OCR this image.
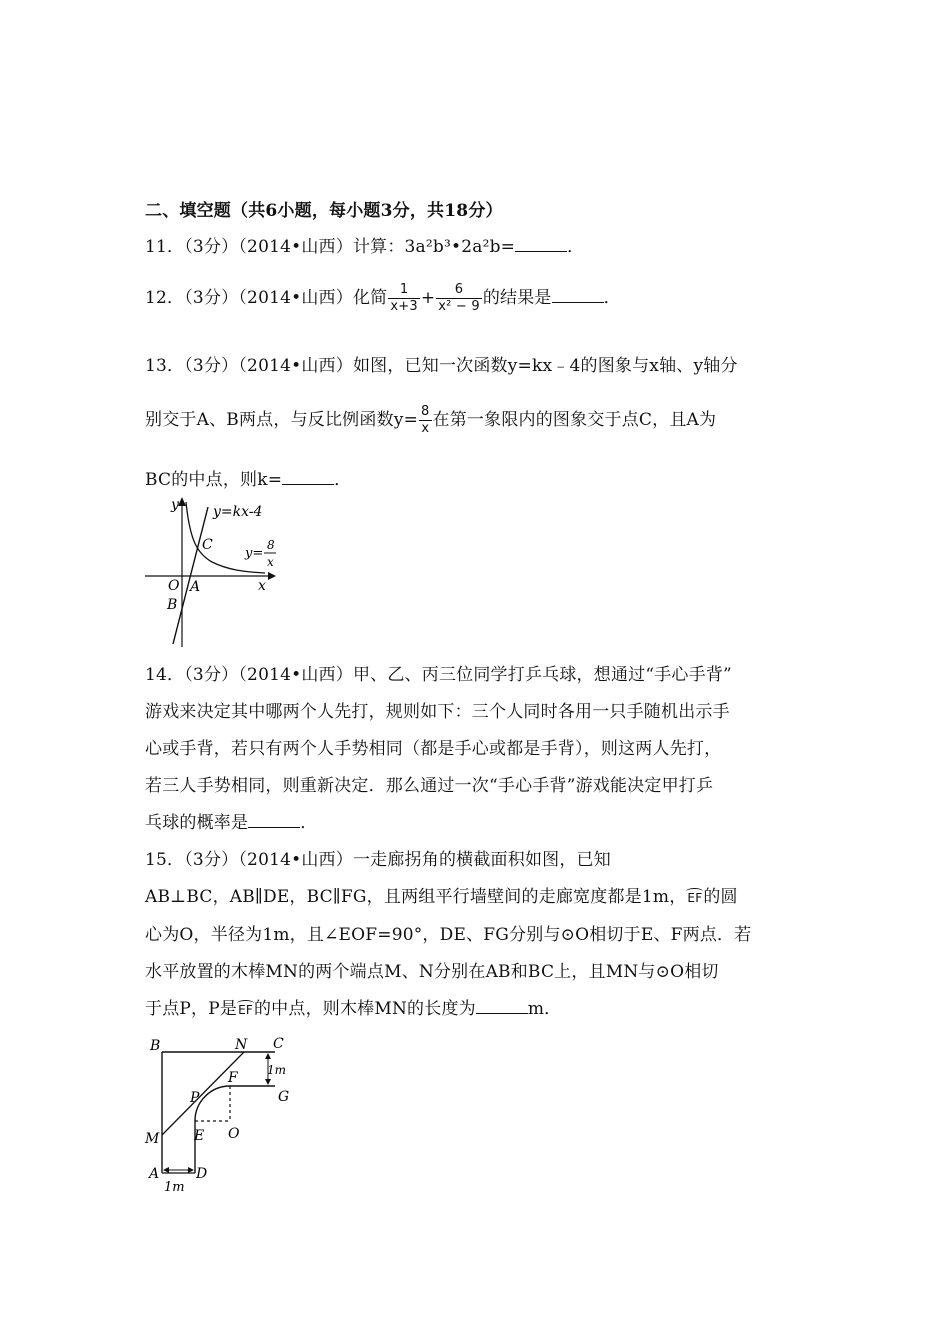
二、填空题（共6小题，每小题3分，共18分）
11．（3分）（2014•山西）计算：3a²b³•2a²b=	．
12．（3分）（2014•山西）化简 $\frac{1}{x+3} + \frac{6}{\text{x² − 9}}$ 的结果是	．
13．（3分）（2014•山西）如图，已知一次函数y=kx﹣4的图象与x轴、y轴分
别交于A、B两点，与反比例函数$y= \frac{8}{x}$ 在第一象限内的图象交于点C，且A为
BC的中点，则k=	．
y
x
y=kx-4
C
y=
8
x
O A
B
14．（3分）（2014•山西）甲、乙、丙三位同学打乒乓球，想通过“手心手背”
游戏来决定其中哪两个人先打，规则如下：三个人同时各用一只手随机出示手
心或手背，若只有两个人手势相同（都是手心或都是手背），则这两人先打，
若三人手势相同，则重新决定．那么通过一次“手心手背”游戏能决定甲打乒
乓球的概率是	．
15．（3分）（2014•山西）一走廊拐角的横截面积如图，已知
AB⊥BC，AB∥DE，BC∥FG，且两组平行墙壁间的走廊宽度都是1m，EF的圆
心为O，半径为1m，且∠EOF=90°，DE、FG分别与⊙O相切于E、F两点．若
水平放置的木棒MN的两个端点M、N分别在AB和BC上，且MN与⊙O相切
于点P，P是EF的中点，则木棒MN的长度为	m．
B	N C
1m
F
G
P
M E O
A	D
1m
